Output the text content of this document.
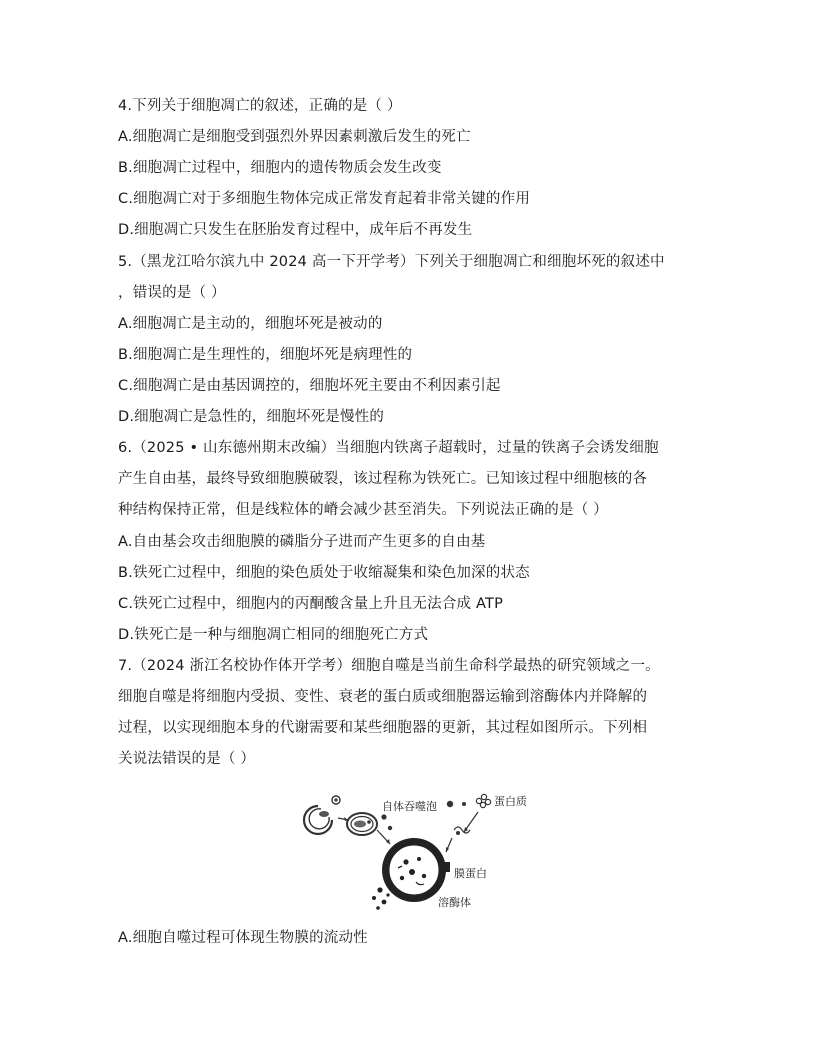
4.下列关于细胞凋亡的叙述，正确的是（ ）
A.细胞凋亡是细胞受到强烈外界因素刺激后发生的死亡
B.细胞凋亡过程中，细胞内的遗传物质会发生改变
C.细胞凋亡对于多细胞生物体完成正常发育起着非常关键的作用
D.细胞凋亡只发生在胚胎发育过程中，成年后不再发生
5.（黑龙江哈尔滨九中 2024 高一下开学考）下列关于细胞凋亡和细胞坏死的叙述中
，错误的是（ ）
A.细胞凋亡是主动的，细胞坏死是被动的
B.细胞凋亡是生理性的，细胞坏死是病理性的
C.细胞凋亡是由基因调控的，细胞坏死主要由不利因素引起
D.细胞凋亡是急性的，细胞坏死是慢性的
6.（2025 • 山东德州期末改编）当细胞内铁离子超载时，过量的铁离子会诱发细胞
产生自由基，最终导致细胞膜破裂，该过程称为铁死亡。已知该过程中细胞核的各
种结构保持正常，但是线粒体的嵴会减少甚至消失。下列说法正确的是（ ）
A.自由基会攻击细胞膜的磷脂分子进而产生更多的自由基
B.铁死亡过程中，细胞的染色质处于收缩凝集和染色加深的状态
C.铁死亡过程中，细胞内的丙酮酸含量上升且无法合成 ATP
D.铁死亡是一种与细胞凋亡相同的细胞死亡方式
7.（2024 浙江名校协作体开学考）细胞自噬是当前生命科学最热的研究领域之一。
细胞自噬是将细胞内受损、变性、衰老的蛋白质或细胞器运输到溶酶体内并降解的
过程，以实现细胞本身的代谢需要和某些细胞器的更新，其过程如图所示。下列相
关说法错误的是（ ）
自体吞噬泡	蛋白质
膜蛋白
溶酶体
A.细胞自噬过程可体现生物膜的流动性
